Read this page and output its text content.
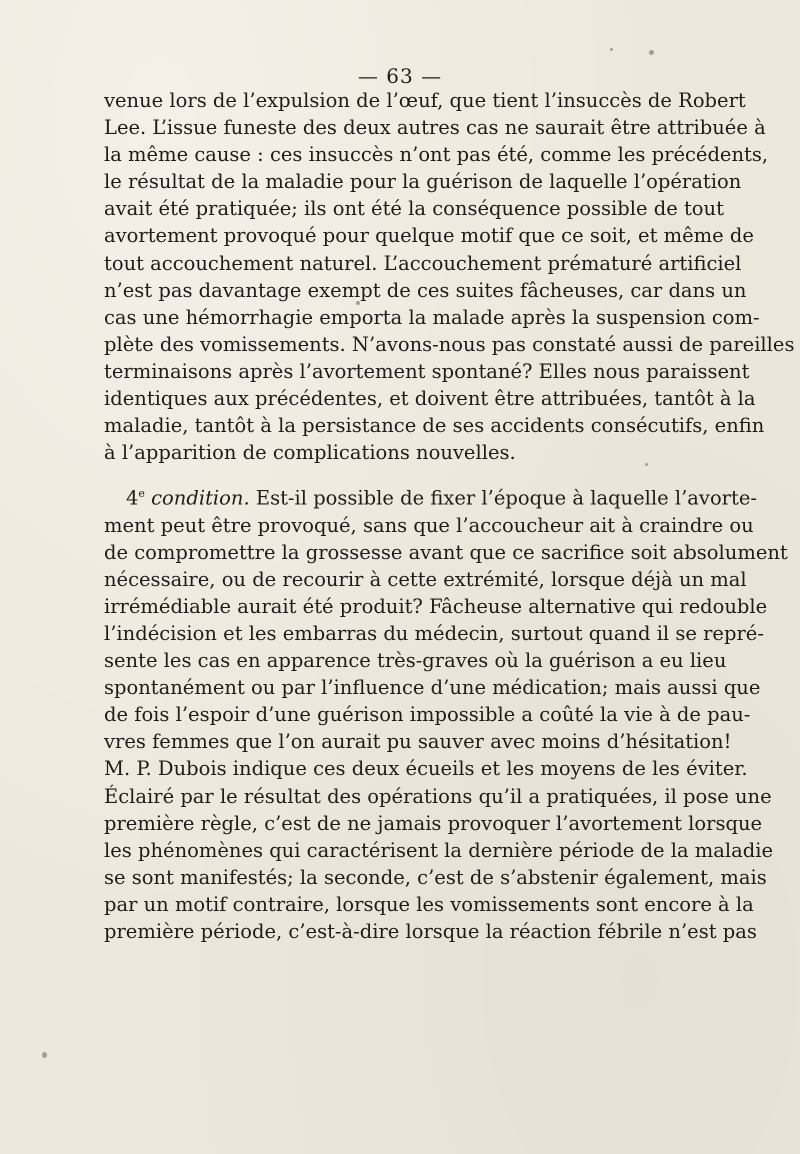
— 63 —
venue lors de l’expulsion de l’œuf, que tient l’insuccès de Robert
Lee. L’issue funeste des deux autres cas ne saurait être attribuée à
la même cause : ces insuccès n’ont pas été, comme les précédents,
le résultat de la maladie pour la guérison de laquelle l’opération
avait été pratiquée; ils ont été la conséquence possible de tout
avortement provoqué pour quelque motif que ce soit, et même de
tout accouchement naturel. L’accouchement prématuré artificiel
n’est pas davantage exempt de ces suites fâcheuses, car dans un
cas une hémorrhagie emporta la malade après la suspension com-
plète des vomissements. N’avons-nous pas constaté aussi de pareilles
terminaisons après l’avortement spontané? Elles nous paraissent
identiques aux précédentes, et doivent être attribuées, tantôt à la
maladie, tantôt à la persistance de ses accidents consécutifs, enfin
à l’apparition de complications nouvelles.
4e condition. Est-il possible de fixer l’époque à laquelle l’avorte-
ment peut être provoqué, sans que l’accoucheur ait à craindre ou
de compromettre la grossesse avant que ce sacrifice soit absolument
nécessaire, ou de recourir à cette extrémité, lorsque déjà un mal
irrémédiable aurait été produit? Fâcheuse alternative qui redouble
l’indécision et les embarras du médecin, surtout quand il se repré-
sente les cas en apparence très-graves où la guérison a eu lieu
spontanément ou par l’influence d’une médication; mais aussi que
de fois l’espoir d’une guérison impossible a coûté la vie à de pau-
vres femmes que l’on aurait pu sauver avec moins d’hésitation!
M. P. Dubois indique ces deux écueils et les moyens de les éviter.
Éclairé par le résultat des opérations qu’il a pratiquées, il pose une
première règle, c’est de ne jamais provoquer l’avortement lorsque
les phénomènes qui caractérisent la dernière période de la maladie
se sont manifestés; la seconde, c’est de s’abstenir également, mais
par un motif contraire, lorsque les vomissements sont encore à la
première période, c’est-à-dire lorsque la réaction fébrile n’est pas
